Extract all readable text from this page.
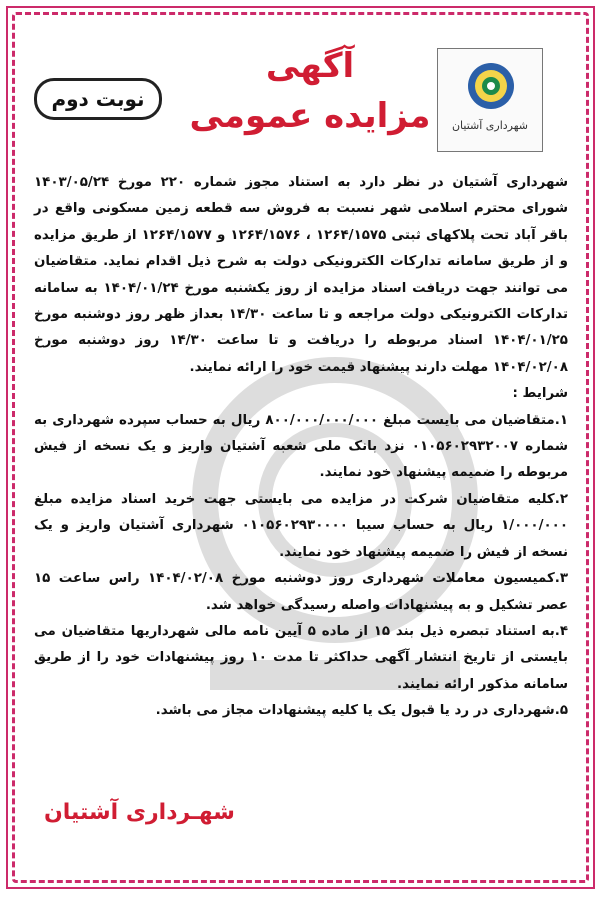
شهرداری آشتیان
آگهی
مزایده عمومی
نوبت دوم

شهرداری آشتیان در نظر دارد به استناد مجوز شماره ۲۲۰ مورخ ۱۴۰۳/۰۵/۲۴ شورای محترم اسلامی شهر نسبت به فروش سه قطعه زمین مسکونی واقع در باقر آباد تحت پلاکهای ثبتی ۱۲۶۴/۱۵۷۵ ، ۱۲۶۴/۱۵۷۶ و ۱۲۶۴/۱۵۷۷ از طریق مزایده و از طریق سامانه تدارکات الکترونیکی دولت به شرح ذیل اقدام نماید. متقاضیان می توانند جهت دریافت اسناد مزایده از روز یکشنبه مورخ ۱۴۰۴/۰۱/۲۴ به سامانه تدارکات الکترونیکی دولت مراجعه و تا ساعت ۱۴/۳۰ بعداز ظهر روز دوشنبه مورخ ۱۴۰۴/۰۱/۲۵ اسناد مربوطه را دریافت و تا ساعت ۱۴/۳۰ روز دوشنبه مورخ ۱۴۰۴/۰۲/۰۸ مهلت دارند پیشنهاد قیمت خود را ارائه نمایند.

شرایط :

۱.متقاضیان می بایست مبلغ ۸۰۰/۰۰۰/۰۰۰/۰۰۰ ریال به حساب سپرده شهرداری به شماره ۰۱۰۵۶۰۲۹۳۲۰۰۷ نزد بانک ملی شعبه آشتیان واریز و یک نسخه از فیش مربوطه را ضمیمه پیشنهاد خود نمایند.

۲.کلیه متقاضیان شرکت در مزایده می بایستی جهت خرید اسناد مزایده مبلغ ۱/۰۰۰/۰۰۰ ریال به حساب سیبا ۰۱۰۵۶۰۲۹۳۰۰۰۰ شهرداری آشتیان واریز و یک نسخه از فیش را ضمیمه پیشنهاد خود نمایند.

۳.کمیسیون معاملات شهرداری روز دوشنبه مورخ ۱۴۰۴/۰۲/۰۸ راس ساعت ۱۵ عصر تشکیل و به پیشنهادات واصله رسیدگی خواهد شد.

۴.به استناد تبصره ذیل بند ۱۵ از ماده ۵ آیین نامه مالی شهرداریها متقاضیان می بایستی از تاریخ انتشار آگهی حداکثر تا مدت ۱۰ روز پیشنهادات خود را از طریق سامانه مذکور ارائه نمایند.

۵.شهرداری در رد یا قبول یک یا کلیه پیشنهادات مجاز می باشد.

شهـرداری آشتیان
